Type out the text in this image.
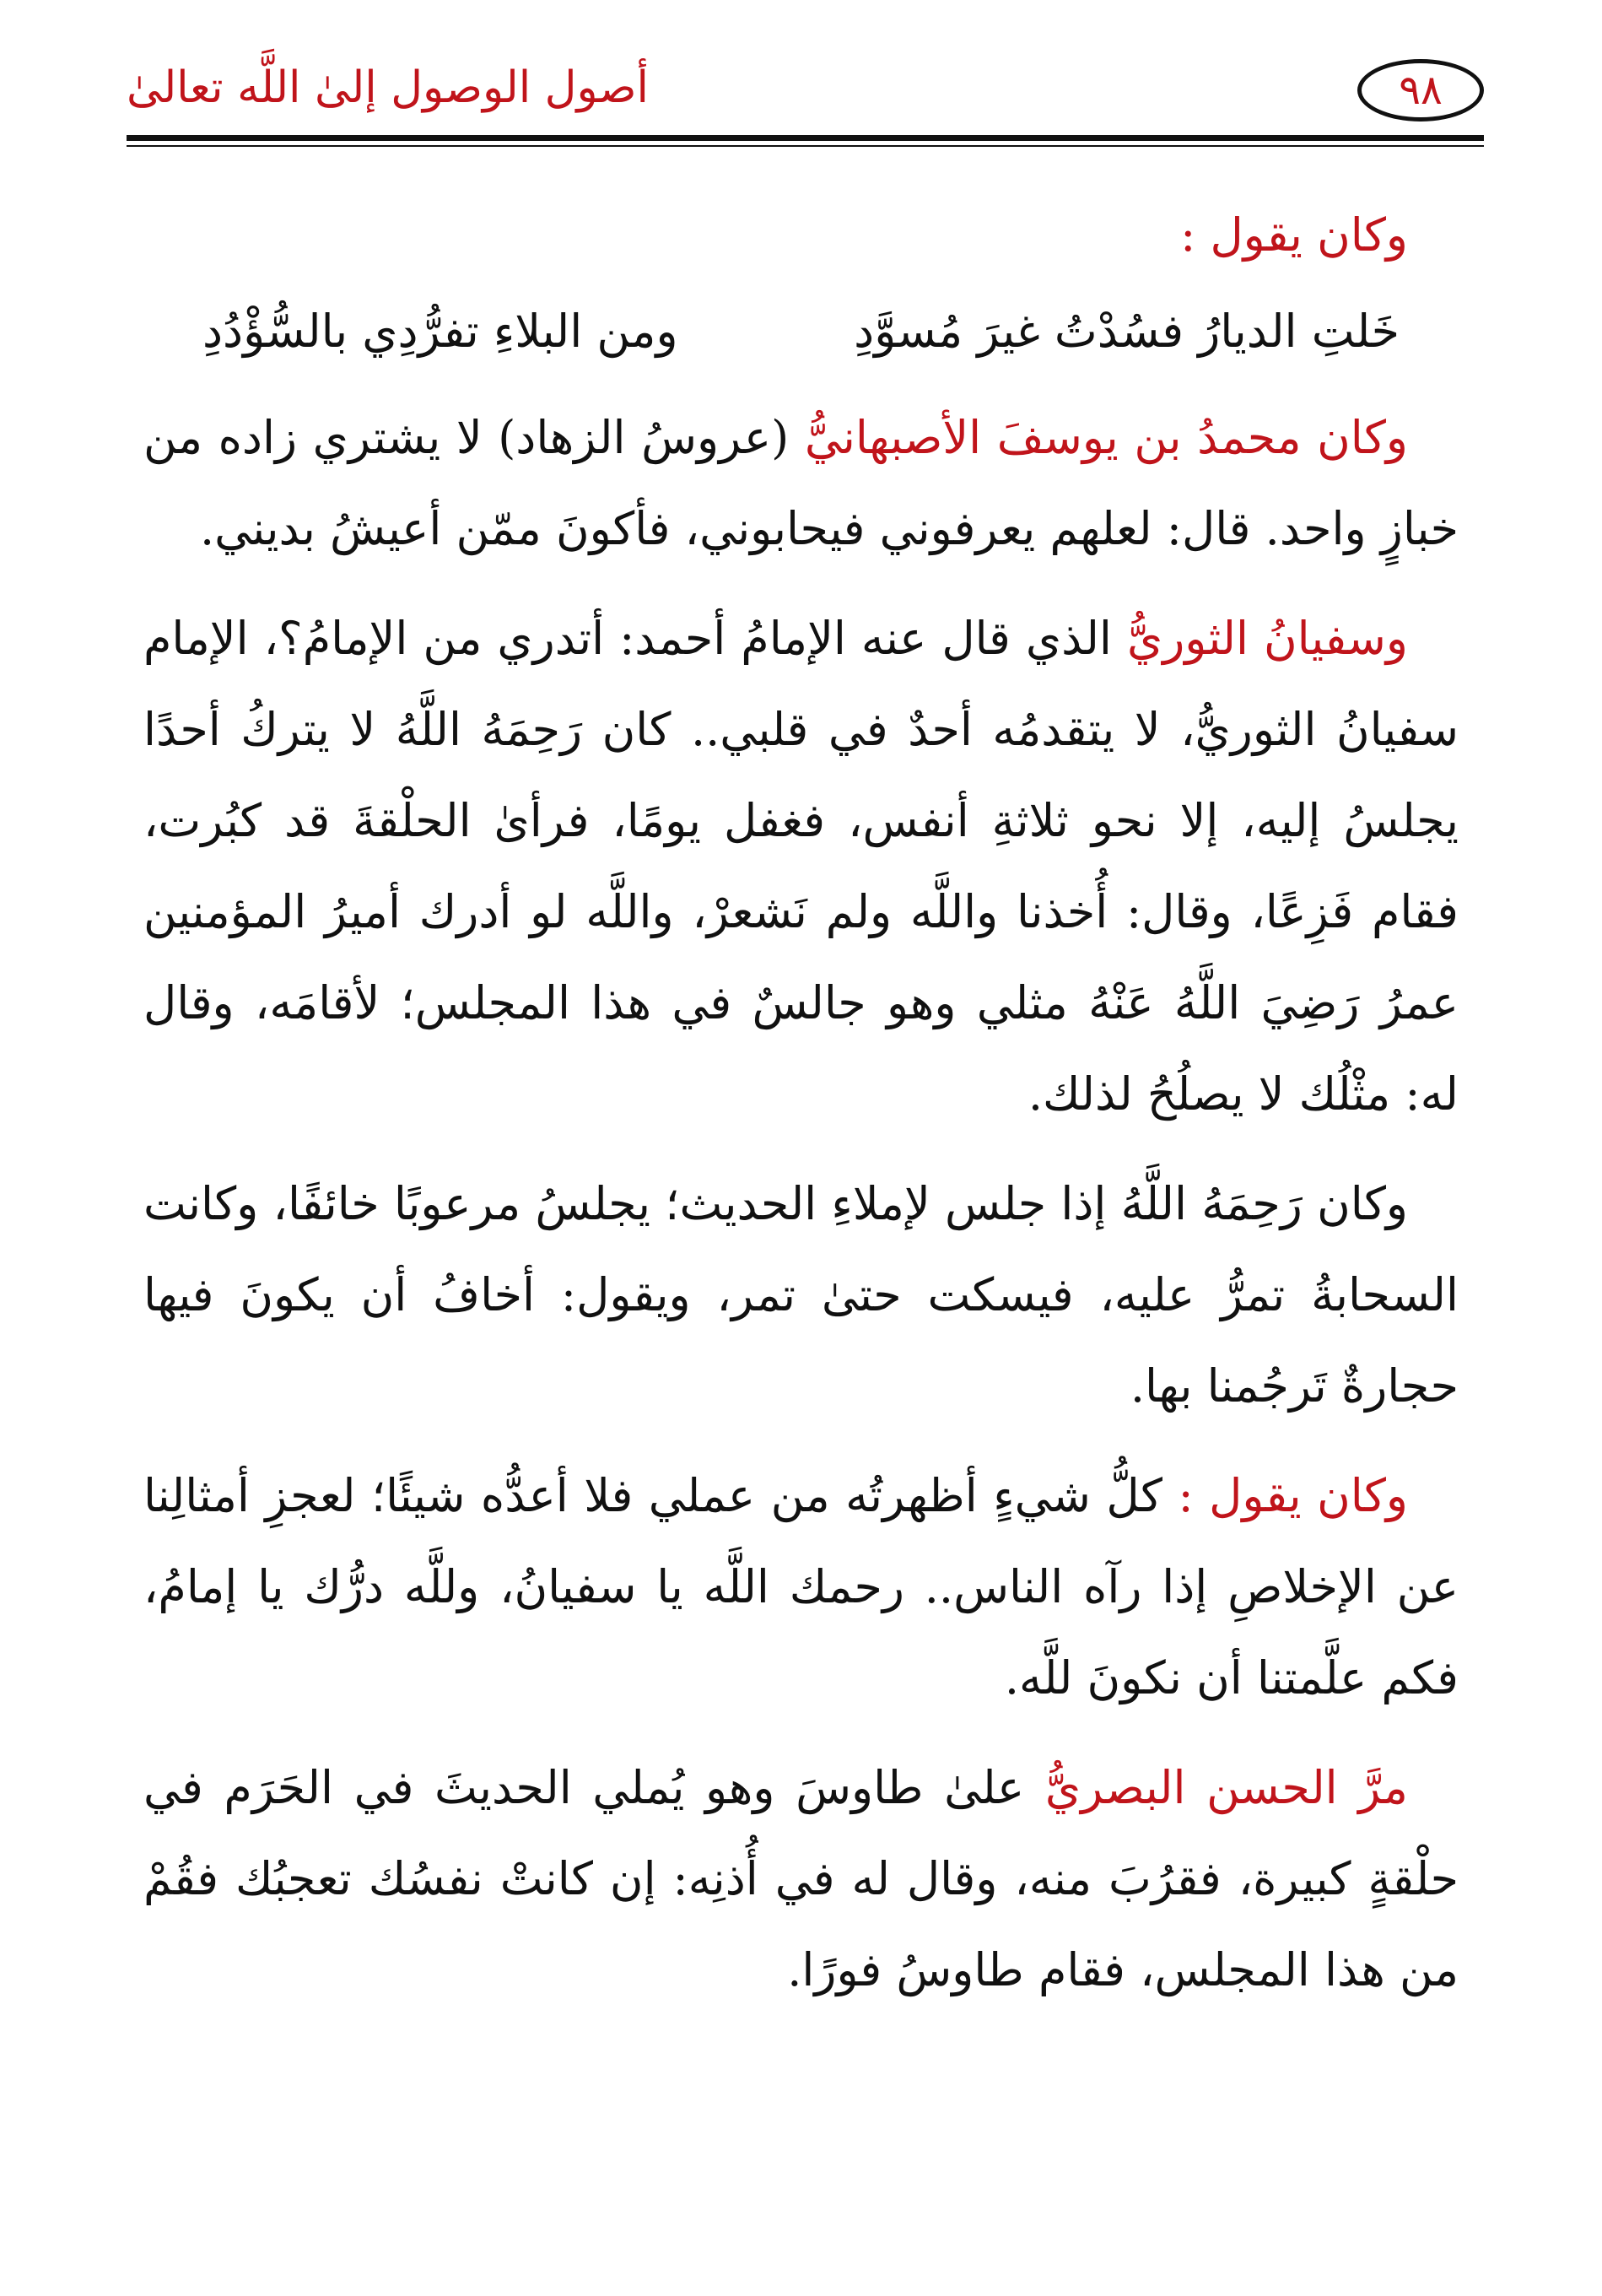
أصول الوصول إلىٰ اللَّه تعالىٰ	٩٨

وكان يقول :

خَلتِ الديارُ فسُدْتُ غيرَ مُسوَّدِ
ومن البلاءِ تفرُّدِي بالسُّؤْدُدِ

وكان محمدُ بن يوسفَ الأصبهانيُّ (عروسُ الزهاد) لا يشتري زاده من خبازٍ واحد. قال: لعلهم يعرفوني فيحابوني، فأكونَ ممّن أعيشُ بديني.

وسفيانُ الثوريُّ الذي قال عنه الإمامُ أحمد: أتدري من الإمامُ؟، الإمام سفيانُ الثوريُّ، لا يتقدمُه أحدٌ في قلبي.. كان رَحِمَهُ اللَّهُ لا يتركُ أحدًا يجلسُ إليه، إلا نحو ثلاثةِ أنفس، فغفل يومًا، فرأىٰ الحلْقةَ قد كبُرت، فقام فَزِعًا، وقال: أُخذنا واللَّه ولم نَشعرْ، واللَّه لو أدرك أميرُ المؤمنين عمرُ رَضِيَ اللَّهُ عَنْهُ مثلي وهو جالسٌ في هذا المجلس؛ لأقامَه، وقال له: مثْلُك لا يصلُحُ لذلك.

وكان رَحِمَهُ اللَّهُ إذا جلس لإملاءِ الحديث؛ يجلسُ مرعوبًا خائفًا، وكانت السحابةُ تمرُّ عليه، فيسكت حتىٰ تمر، ويقول: أخافُ أن يكونَ فيها حجارةٌ تَرجُمنا بها.

وكان يقول : كلُّ شيءٍ أظهرتُه من عملي فلا أعدُّه شيئًا؛ لعجزِ أمثالِنا عن الإخلاصِ إذا رآه الناس.. رحمك اللَّه يا سفيانُ، وللَّه درُّك يا إمامُ، فكم علَّمتنا أن نكونَ للَّه.

مرَّ الحسن البصريُّ علىٰ طاوسَ وهو يُملي الحديثَ في الحَرَم في حلْقةٍ كبيرة، فقرُبَ منه، وقال له في أُذنِه: إن كانتْ نفسُك تعجبُك فقُمْ من هذا المجلس، فقام طاوسُ فورًا.
